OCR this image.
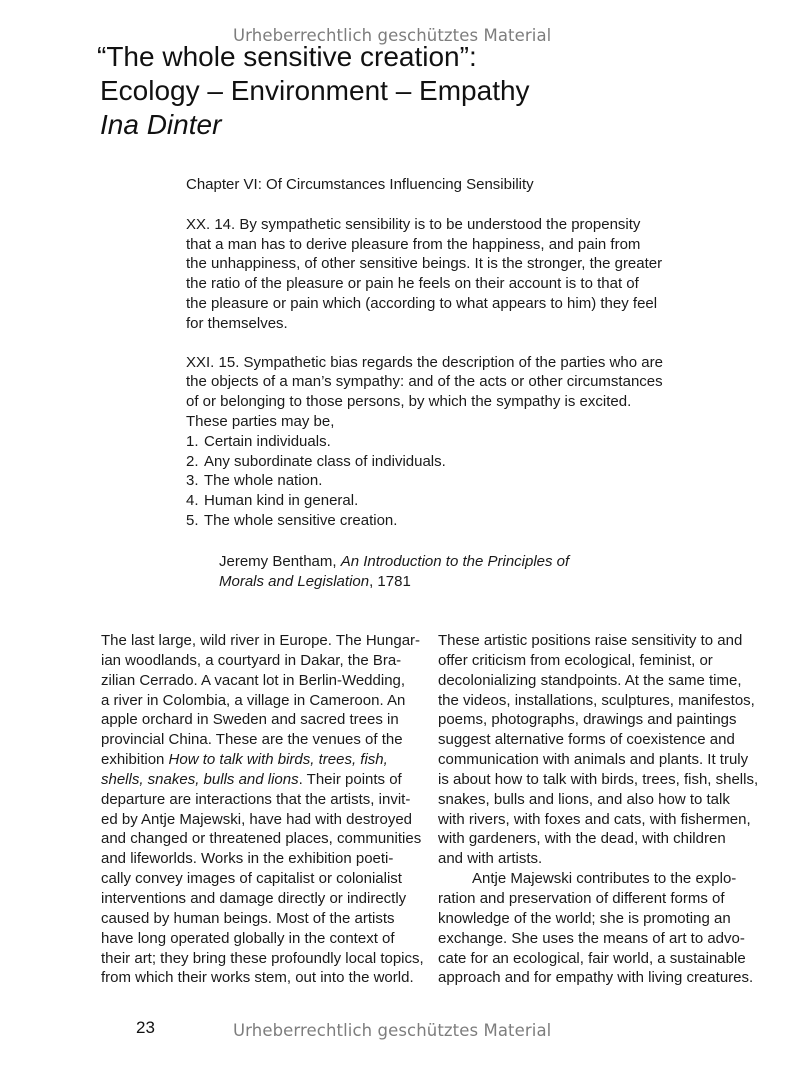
Urheberrechtlich geschütztes Material
“The whole sensitive creation”:
Ecology – Environment – Empathy
Ina Dinter

Chapter VI: Of Circumstances Influencing Sensibility

XX. 14. By sympathetic sensibility is to be understood the propensity
that a man has to derive pleasure from the happiness, and pain from
the unhappiness, of other sensitive beings. It is the stronger, the greater
the ratio of the pleasure or pain he feels on their account is to that of
the pleasure or pain which (according to what appears to him) they feel
for themselves.

XXI. 15. Sympathetic bias regards the description of the parties who are
the objects of a man’s sympathy: and of the acts or other circumstances
of or belonging to those persons, by which the sympathy is excited.
These parties may be,

1. Certain individuals.
2. Any subordinate class of individuals.
3. The whole nation.
4. Human kind in general.
5. The whole sensitive creation.

Jeremy Bentham, An Introduction to the Principles of
Morals and Legislation, 1781

The last large, wild river in Europe. The Hungar-
ian woodlands, a courtyard in Dakar, the Bra-
zilian Cerrado. A vacant lot in Berlin-Wedding,
a river in Colombia, a village in Cameroon. An
apple orchard in Sweden and sacred trees in
provincial China. These are the venues of the
exhibition How to talk with birds, trees, fish,
shells, snakes, bulls and lions. Their points of
departure are interactions that the artists, invit-
ed by Antje Majewski, have had with destroyed
and changed or threatened places, communities
and lifeworlds. Works in the exhibition poeti-
cally convey images of capitalist or colonialist
interventions and damage directly or indirectly
caused by human beings. Most of the artists
have long operated globally in the context of
their art; they bring these profoundly local topics,
from which their works stem, out into the world.
These artistic positions raise sensitivity to and
offer criticism from ecological, feminist, or
decolonializing standpoints. At the same time,
the videos, installations, sculptures, manifestos,
poems, photographs, drawings and paintings
suggest alternative forms of coexistence and
communication with animals and plants. It truly
is about how to talk with birds, trees, fish, shells,
snakes, bulls and lions, and also how to talk
with rivers, with foxes and cats, with fishermen,
with gardeners, with the dead, with children
and with artists.
Antje Majewski contributes to the explo-
ration and preservation of different forms of
knowledge of the world; she is promoting an
exchange. She uses the means of art to advo-
cate for an ecological, fair world, a sustainable
approach and for empathy with living creatures.
23	Urheberrechtlich geschütztes Material
